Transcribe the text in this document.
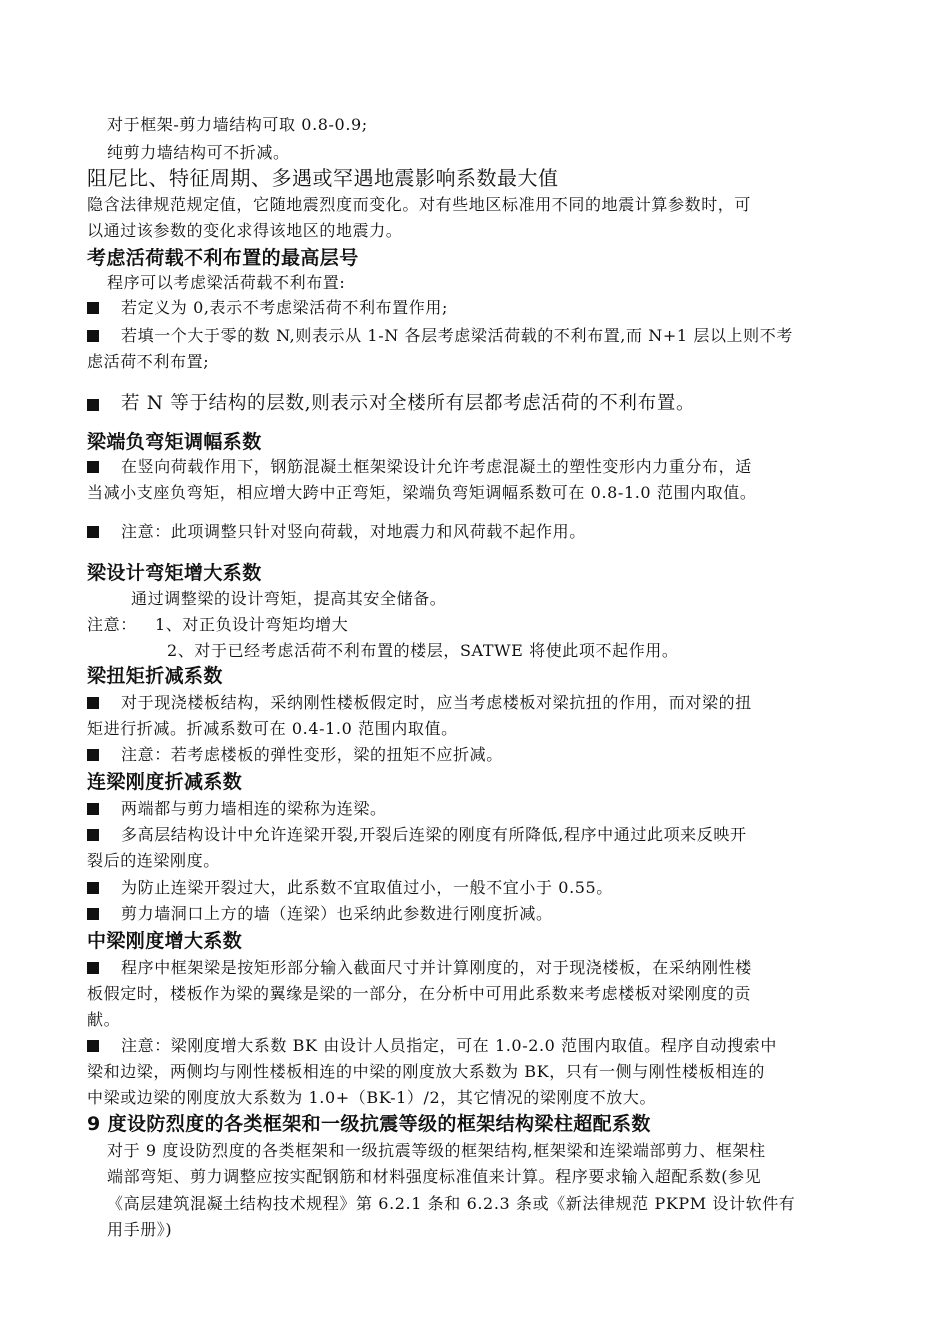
对于框架-剪力墙结构可取 0.8-0.9;
纯剪力墙结构可不折减。
阻尼比、特征周期、多遇或罕遇地震影响系数最大值
隐含法律规范规定值，它随地震烈度而变化。对有些地区标准用不同的地震计算参数时，可
以通过该参数的变化求得该地区的地震力。
考虑活荷载不利布置的最高层号
程序可以考虑梁活荷载不利布置:
若定义为 0,表示不考虑梁活荷不利布置作用;
若填一个大于零的数 N,则表示从 1-N 各层考虑梁活荷载的不利布置,而 N+1 层以上则不考
虑活荷不利布置;
若 N 等于结构的层数,则表示对全楼所有层都考虑活荷的不利布置。
梁端负弯矩调幅系数
在竖向荷载作用下，钢筋混凝土框架梁设计允许考虑混凝土的塑性变形内力重分布，适
当减小支座负弯矩，相应增大跨中正弯矩，梁端负弯矩调幅系数可在 0.8-1.0 范围内取值。
注意：此项调整只针对竖向荷载，对地震力和风荷载不起作用。
梁设计弯矩增大系数
通过调整梁的设计弯矩，提高其安全储备。
注意： 1、对正负设计弯矩均增大
2、对于已经考虑活荷不利布置的楼层，SATWE 将使此项不起作用。
梁扭矩折减系数
对于现浇楼板结构，采纳刚性楼板假定时，应当考虑楼板对梁抗扭的作用，而对梁的扭
矩进行折减。折减系数可在 0.4-1.0 范围内取值。
注意：若考虑楼板的弹性变形，梁的扭矩不应折减。
连梁刚度折减系数
两端都与剪力墙相连的梁称为连梁。
多高层结构设计中允许连梁开裂,开裂后连梁的刚度有所降低,程序中通过此项来反映开
裂后的连梁刚度。
为防止连梁开裂过大，此系数不宜取值过小，一般不宜小于 0.55。
剪力墙洞口上方的墙（连梁）也采纳此参数进行刚度折减。
中梁刚度增大系数
程序中框架梁是按矩形部分输入截面尺寸并计算刚度的，对于现浇楼板，在采纳刚性楼
板假定时，楼板作为梁的翼缘是梁的一部分，在分析中可用此系数来考虑楼板对梁刚度的贡
献。
注意：梁刚度增大系数 BK 由设计人员指定，可在 1.0-2.0 范围内取值。程序自动搜索中
梁和边梁，两侧均与刚性楼板相连的中梁的刚度放大系数为 BK，只有一侧与刚性楼板相连的
中梁或边梁的刚度放大系数为 1.0+（BK-1）/2，其它情况的梁刚度不放大。
9 度设防烈度的各类框架和一级抗震等级的框架结构梁柱超配系数
对于 9 度设防烈度的各类框架和一级抗震等级的框架结构,框架梁和连梁端部剪力、框架柱
端部弯矩、剪力调整应按实配钢筋和材料强度标准值来计算。程序要求输入超配系数(参见
《高层建筑混凝土结构技术规程》第 6.2.1 条和 6.2.3 条或《新法律规范 PKPM 设计软件有
用手册》)
